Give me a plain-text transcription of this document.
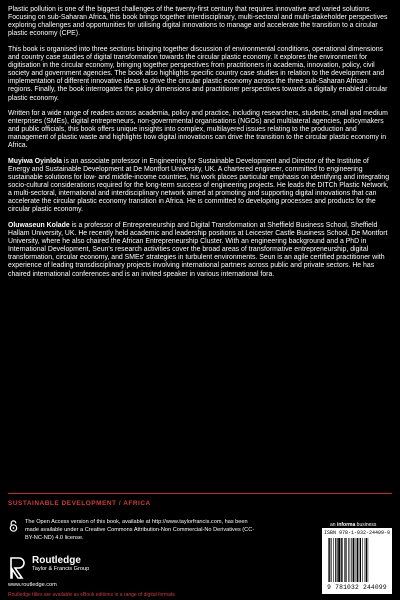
Plastic pollution is one of the biggest challenges of the twenty-first century that requires innovative and varied solutions. Focusing on sub-Saharan Africa, this book brings together interdisciplinary, multi-sectoral and multi-stakeholder perspectives exploring challenges and opportunities for utilising digital innovations to manage and accelerate the transition to a circular plastic economy (CPE).

This book is organised into three sections bringing together discussion of environmental conditions, operational dimensions and country case studies of digital transformation towards the circular plastic economy. It explores the environment for digitisation in the circular economy, bringing together perspectives from practitioners in academia, innovation, policy, civil society and government agencies. The book also highlights specific country case studies in relation to the development and implementation of different innovative ideas to drive the circular plastic economy across the three sub-Saharan African regions. Finally, the book interrogates the policy dimensions and practitioner perspectives towards a digitally enabled circular plastic economy.

Written for a wide range of readers across academia, policy and practice, including researchers, students, small and medium enterprises (SMEs), digital entrepreneurs, non-governmental organisations (NGOs) and multilateral agencies, policymakers and public officials, this book offers unique insights into complex, multilayered issues relating to the production and management of plastic waste and highlights how digital innovations can drive the transition to the circular plastic economy in Africa.

Muyiwa Oyinlola is an associate professor in Engineering for Sustainable Development and Director of the Institute of Energy and Sustainable Development at De Montfort University, UK. A chartered engineer, committed to engineering sustainable solutions for low- and middle-income countries, his work places particular emphasis on identifying and integrating socio-cultural considerations required for the long-term success of engineering projects. He leads the DITCh Plastic Network, a multi-sectoral, international and interdisciplinary network aimed at promoting and supporting digital innovations that can accelerate the circular plastic economy transition in Africa. He is committed to developing processes and products for the circular plastic economy.

Oluwaseun Kolade is a professor of Entrepreneurship and Digital Transformation at Sheffield Business School, Sheffield Hallam University, UK. He recently held academic and leadership positions at Leicester Castle Business School, De Montfort University, where he also chaired the African Entrepreneurship Cluster. With an engineering background and a PhD in International Development, Seun's research activities cover the broad areas of transformative entrepreneurship, digital transformation, circular economy, and SMEs' strategies in turbulent environments. Seun is an agile certified practitioner with experience of leading transdisciplinary projects involving international partners across public and private sectors. He has chaired international conferences and is an invited speaker in various international fora.

SUSTAINABLE DEVELOPMENT / AFRICA
The Open Access version of this book, available at http://www.taylorfrancis.com, has been made available under a Creative Commons Attribution-Non Commercial-No Derivatives (CC-BY-NC-ND) 4.0 license.
Routledge
Taylor & Francis Group
www.routledge.com
Routledge titles are available as eBook editions in a range of digital formats
an informa business
ISBN 978-1-032-24409-9
9 781032 244099
